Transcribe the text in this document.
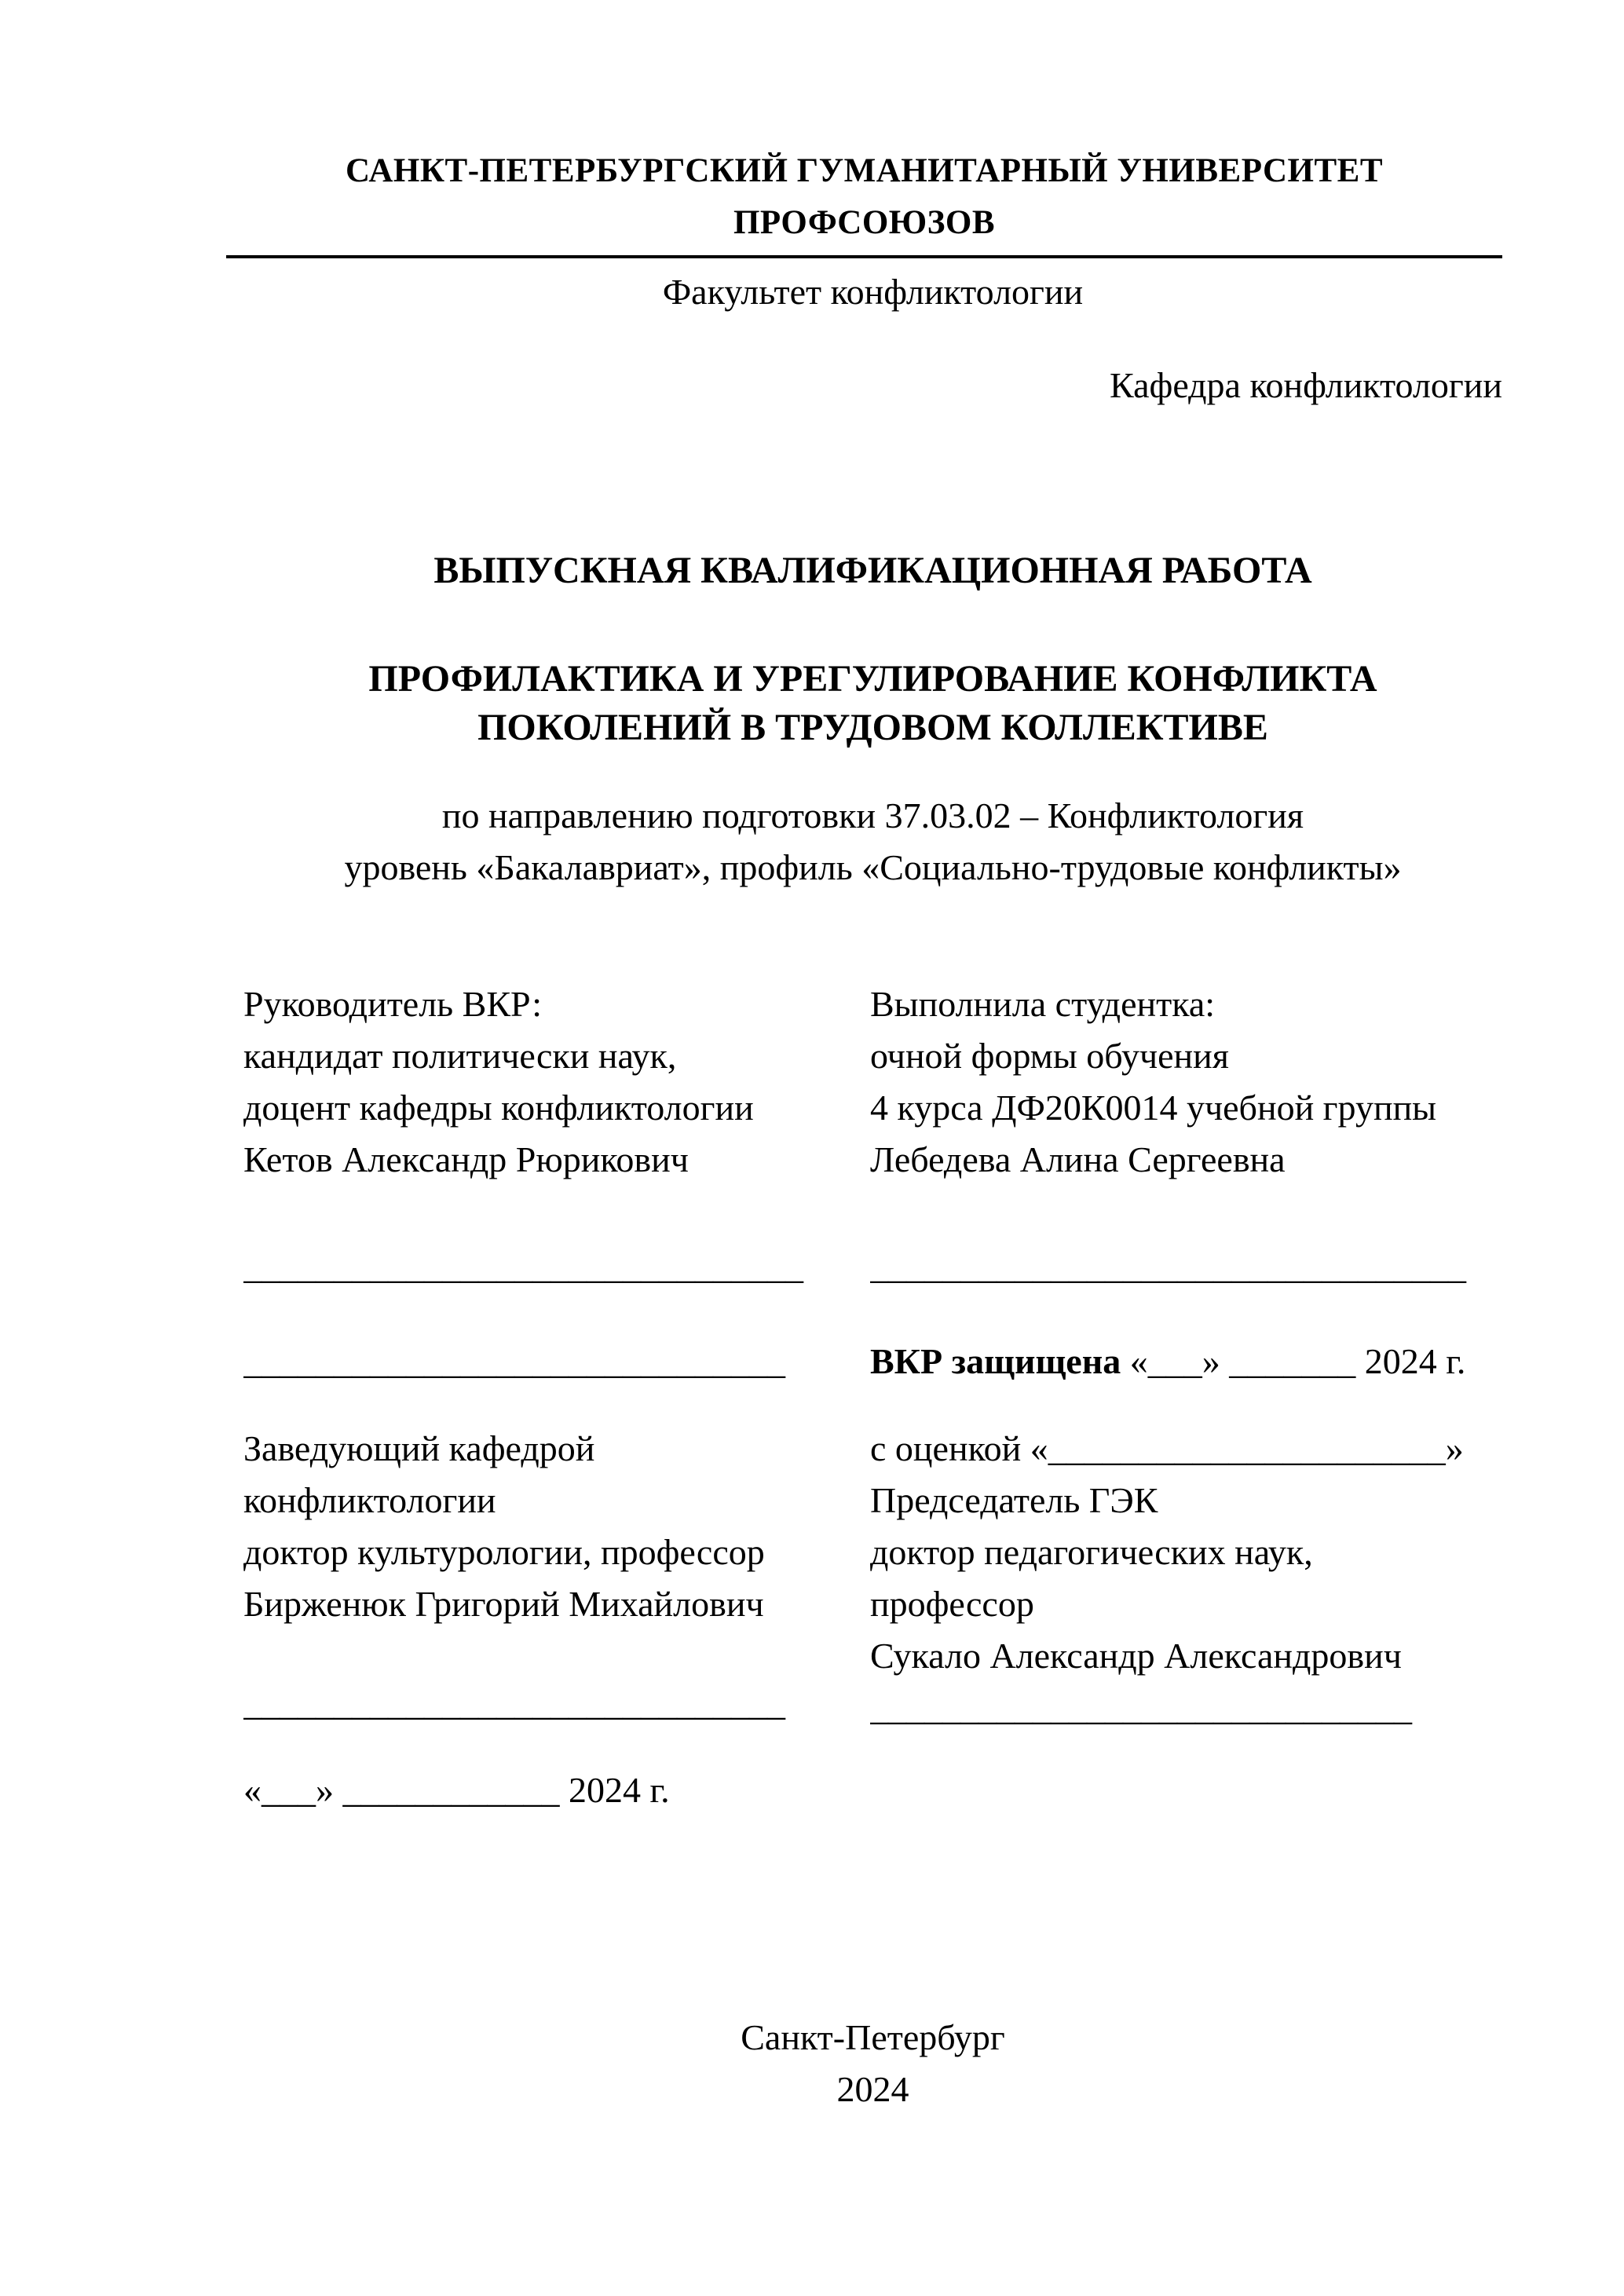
САНКТ-ПЕТЕРБУРГСКИЙ ГУМАНИТАРНЫЙ УНИВЕРСИТЕТ ПРОФСОЮЗОВ
Факультет конфликтологии
Кафедра конфликтологии
ВЫПУСКНАЯ КВАЛИФИКАЦИОННАЯ РАБОТА
ПРОФИЛАКТИКА И УРЕГУЛИРОВАНИЕ КОНФЛИКТА
ПОКОЛЕНИЙ В ТРУДОВОМ КОЛЛЕКТИВЕ
по направлению подготовки 37.03.02 – Конфликтология
уровень «Бакалавриат», профиль «Социально-трудовые конфликты»
Руководитель ВКР:
кандидат политически наук,
доцент кафедры конфликтологии
Кетов Александр Рюрикович
_______________________________
______________________________
Заведующий кафедрой
конфликтологии
доктор культурологии, профессор
Бирженюк Григорий Михайлович
______________________________
«___» ____________ 2024 г.
Выполнила студентка:
очной формы обучения
4 курса ДФ20К0014 учебной группы
Лебедева Алина Сергеевна
_________________________________
ВКР защищена «___» _______ 2024 г.
с оценкой «______________________»
Председатель ГЭК
доктор педагогических наук,
профессор
Сукало Александр Александрович
______________________________
Санкт-Петербург
2024
